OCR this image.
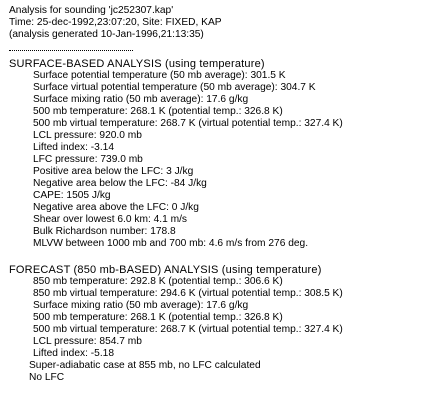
Analysis for sounding 'jc252307.kap'
Time: 25-dec-1992,23:07:20, Site: FIXED, KAP
(analysis generated 10-Jan-1996,21:13:35)
SURFACE-BASED ANALYSIS (using temperature)
Surface potential temperature (50 mb average): 301.5 K
Surface virtual potential temperature (50 mb average): 304.7 K
Surface mixing ratio (50 mb average): 17.6 g/kg
500 mb temperature: 268.1 K (potential temp.: 326.8 K)
500 mb virtual temperature: 268.7 K (virtual potential temp.: 327.4 K)
LCL pressure: 920.0 mb
Lifted index: -3.14
LFC pressure: 739.0 mb
Positive area below the LFC: 3 J/kg
Negative area below the LFC: -84 J/kg
CAPE: 1505 J/kg
Negative area above the LFC: 0 J/kg
Shear over lowest 6.0 km: 4.1 m/s
Bulk Richardson number: 178.8
MLVW between 1000 mb and 700 mb: 4.6 m/s from 276 deg.
FORECAST (850 mb-BASED) ANALYSIS (using temperature)
850 mb temperature: 292.8 K (potential temp.: 306.6 K)
850 mb virtual temperature: 294.6 K (virtual potential temp.: 308.5 K)
Surface mixing ratio (50 mb average): 17.6 g/kg
500 mb temperature: 268.1 K (potential temp.: 326.8 K)
500 mb virtual temperature: 268.7 K (virtual potential temp.: 327.4 K)
LCL pressure: 854.7 mb
Lifted index: -5.18
Super-adiabatic case at 855 mb, no LFC calculated
No LFC
